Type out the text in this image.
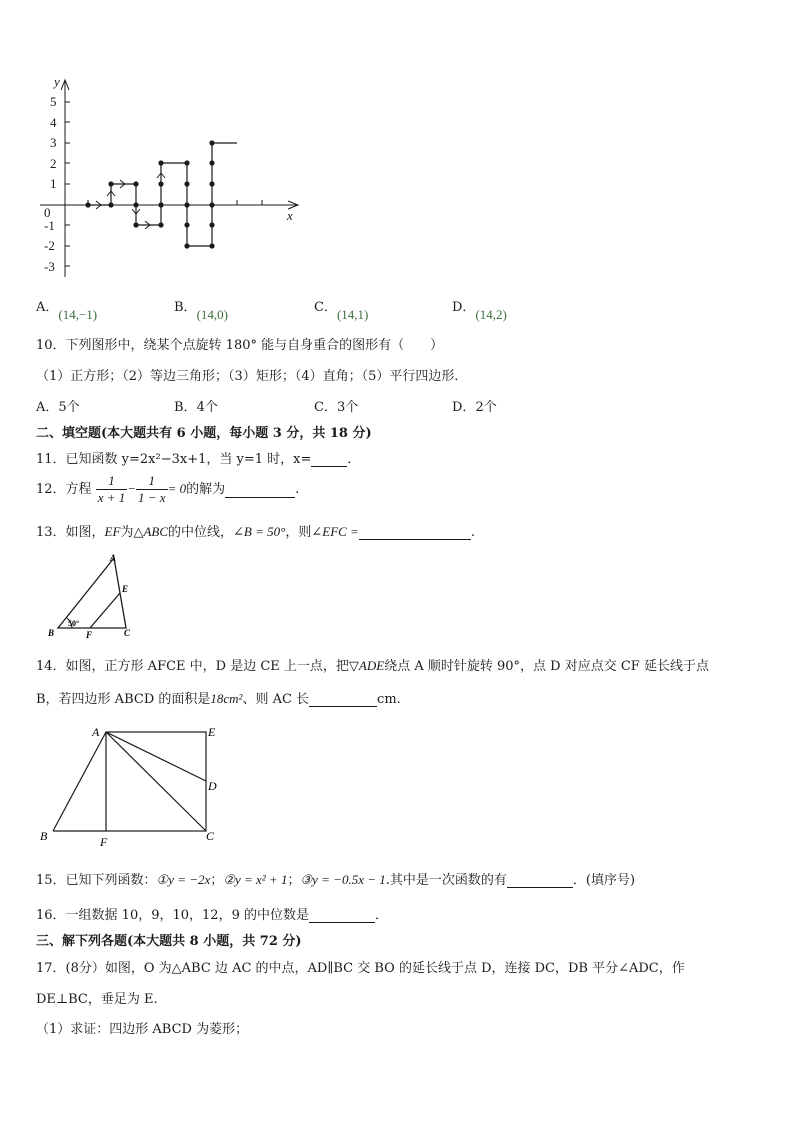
y
x
0
5
4
3
2
1
-1
-2
-3
A．(14,−1)	B．(14,0)	C．(14,1)	D．(14,2)
10．下列图形中，绕某个点旋转 180° 能与自身重合的图形有（　　）
（1）正方形；（2）等边三角形；（3）矩形；（4）直角；（5）平行四边形．
A．5个	B．4个	C．3个	D．2个
二、填空题(本大题共有 6 小题，每小题 3 分，共 18 分)
11．已知函数 y=2x²−3x+1，当 y=1 时，x=	．
12．方程 $\frac{1}{x + 1} - \frac{1}{1 - x} = 0$的解为	.
13．如图，EF为△ABC的中位线，∠B = 50°，则∠EFC =	.
A
E
B	F	C
50°
14．如图，正方形 AFCE 中，D 是边 CE 上一点，把▽ADE绕点 A 顺时针旋转 90°，点 D 对应点交 CF 延长线于点
B，若四边形 ABCD 的面积是18cm²、则 AC 长	cm.
A	E
D
B	F	C
15．已知下列函数：①y = −2x；②y = x² + 1；③y = −0.5x − 1.其中是一次函数的有	．(填序号)
16．一组数据 10，9，10，12，9 的中位数是	．
三、解下列各题(本大题共 8 小题，共 72 分)
17．(8分）如图，O 为△ABC 边 AC 的中点，AD∥BC 交 BO 的延长线于点 D，连接 DC，DB 平分∠ADC，作
DE⊥BC，垂足为 E.
（1）求证：四边形 ABCD 为菱形；
